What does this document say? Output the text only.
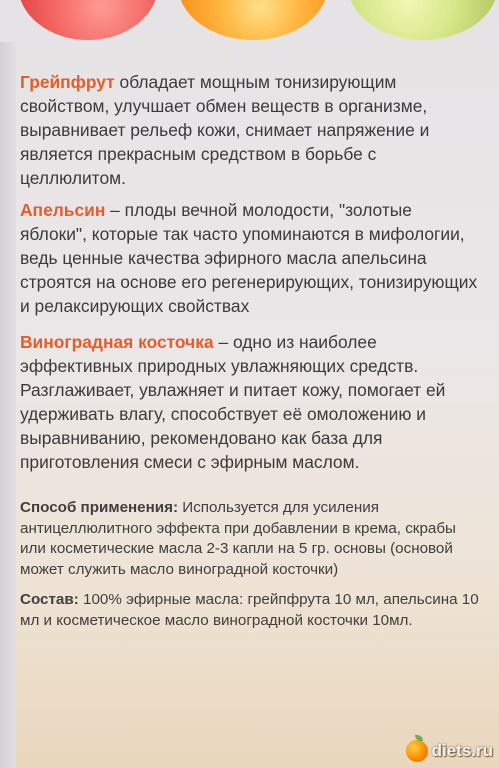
Грейпфрут обладает мощным тонизирующим свойством, улучшает обмен веществ в организме, выравнивает рельеф кожи, снимает напряжение и является прекрасным средством в борьбе с целлюлитом.

Апельсин – плоды вечной молодости, "золотые яблоки", которые так часто упоминаются в мифологии, ведь ценные качества эфирного масла апельсина строятся на основе его регенерирующих, тонизирующих и релаксирующих свойствах

Виноградная косточка – одно из наиболее эффективных природных увлажняющих средств. Разглаживает, увлажняет и питает кожу, помогает ей удерживать влагу, способствует её омоложению и выравниванию, рекомендовано как база для приготовления смеси с эфирным маслом.

Способ применения: Используется для усиления антицеллюлитного эффекта при добавлении в крема, скрабы или косметические масла 2-3 капли на 5 гр. основы (основой может служить масло виноградной косточки)

Состав: 100% эфирные масла: грейпфрута 10 мл, апельсина 10 мл и косметическое масло виноградной косточки 10мл.

diets.ru
